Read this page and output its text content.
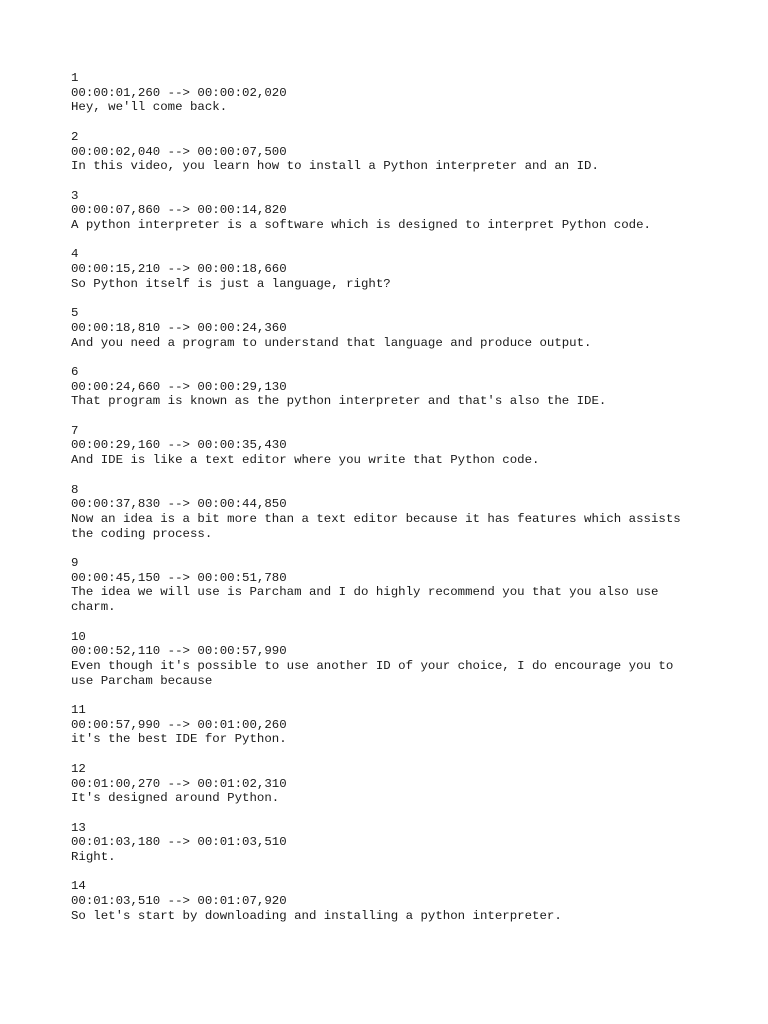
1
00:00:01,260 --> 00:00:02,020
Hey, we'll come back.
2
00:00:02,040 --> 00:00:07,500
In this video, you learn how to install a Python interpreter and an ID.
3
00:00:07,860 --> 00:00:14,820
A python interpreter is a software which is designed to interpret Python code.
4
00:00:15,210 --> 00:00:18,660
So Python itself is just a language, right?
5
00:00:18,810 --> 00:00:24,360
And you need a program to understand that language and produce output.
6
00:00:24,660 --> 00:00:29,130
That program is known as the python interpreter and that's also the IDE.
7
00:00:29,160 --> 00:00:35,430
And IDE is like a text editor where you write that Python code.
8
00:00:37,830 --> 00:00:44,850
Now an idea is a bit more than a text editor because it has features which assists
the coding process.
9
00:00:45,150 --> 00:00:51,780
The idea we will use is Parcham and I do highly recommend you that you also use
charm.
10
00:00:52,110 --> 00:00:57,990
Even though it's possible to use another ID of your choice, I do encourage you to
use Parcham because
11
00:00:57,990 --> 00:01:00,260
it's the best IDE for Python.
12
00:01:00,270 --> 00:01:02,310
It's designed around Python.
13
00:01:03,180 --> 00:01:03,510
Right.
14
00:01:03,510 --> 00:01:07,920
So let's start by downloading and installing a python interpreter.
